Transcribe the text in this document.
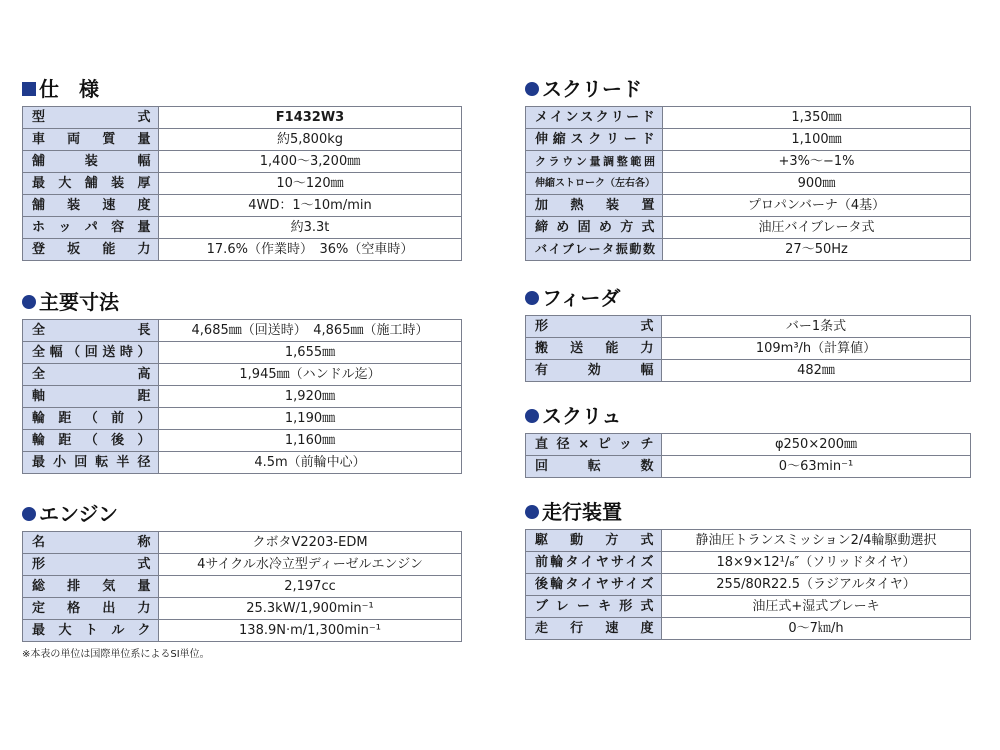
仕　様
型式	F1432W3
車両質量	約5,800kg
舗装幅	1,400〜3,200㎜
最大舗装厚	10〜120㎜
舗装速度	4WD：1〜10m/min
ホッパ容量	約3.3t
登坂能力	17.6%（作業時）　36%（空車時）
主要寸法
全長	4,685㎜（回送時）　4,865㎜（施工時）
全幅（回送時）	1,655㎜
全高	1,945㎜（ハンドル迄）
軸距	1,920㎜
輪距（前）	1,190㎜
輪距（後）	1,160㎜
最小回転半径	4.5m（前輪中心）
エンジン
名称	クボタV2203-EDM
形式	4サイクル水冷立型ディーゼルエンジン
総排気量	2,197cc
定格出力	25.3kW/1,900min⁻¹
最大トルク	138.9N·m/1,300min⁻¹
※本表の単位は国際単位系によるSI単位。
スクリード
メインスクリード	1,350㎜
伸縮スクリード	1,100㎜
クラウン量調整範囲	+3%〜−1%
伸縮ストローク（左右各）	900㎜
加熱装置	プロパンバーナ（4基）
締め固め方式	油圧バイブレータ式
バイブレータ振動数	27〜50Hz
フィーダ
形式	バー1条式
搬送能力	109m³/h（計算値）
有効幅	482㎜
スクリュ
直径×ピッチ	φ250×200㎜
回転数	0〜63min⁻¹
走行装置
駆動方式	静油圧トランスミッション2/4輪駆動選択
前輪タイヤサイズ	18×9×12¹/₈″（ソリッドタイヤ）
後輪タイヤサイズ	255/80R22.5（ラジアルタイヤ）
ブレーキ形式	油圧式+湿式ブレーキ
走行速度	0〜7㎞/h
